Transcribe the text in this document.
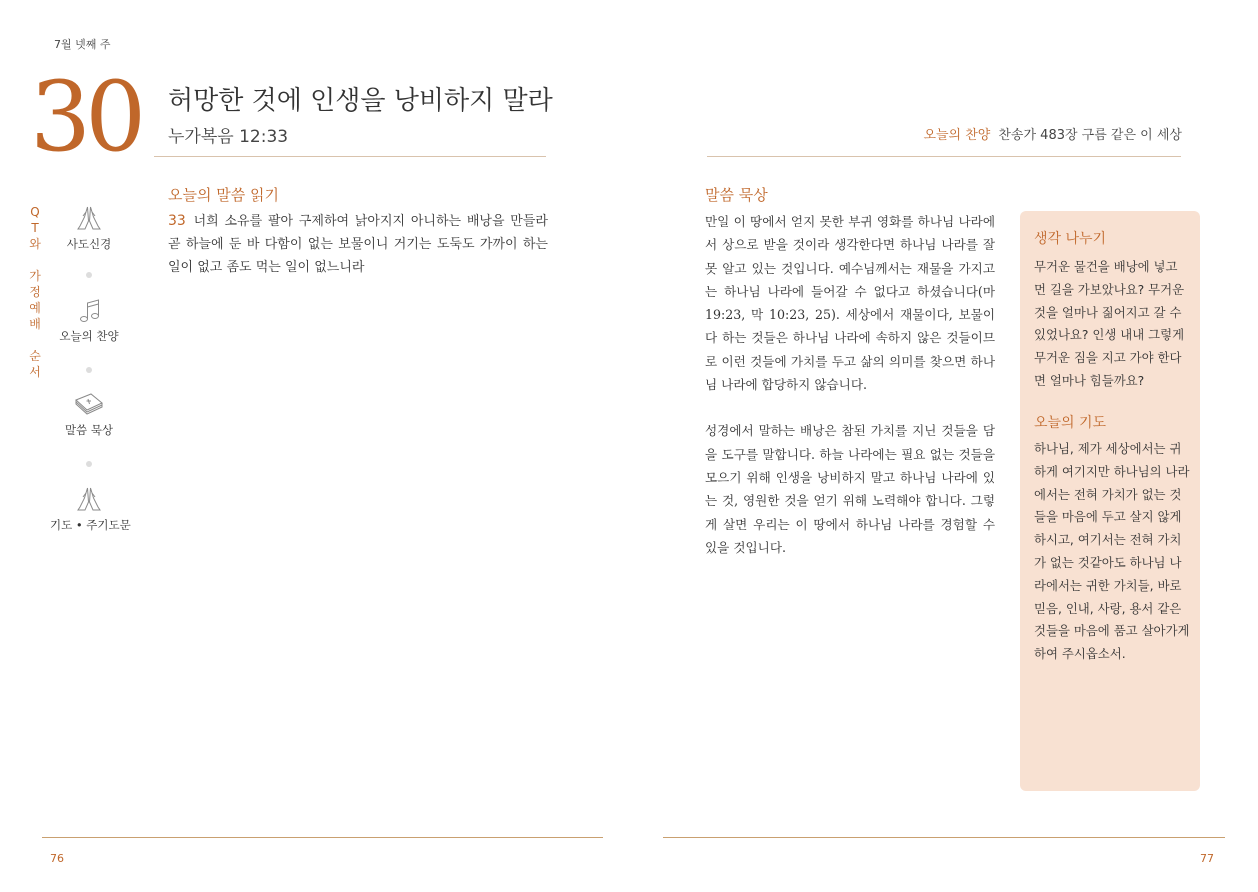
7월 넷째 주
30 허망한 것에 인생을 낭비하지 말라
누가복음 12:33	오늘의 찬양 찬송가 483장 구름 같은 이 세상
Q
T
와
가
정
예
배
순
서
사도신경
오늘의 찬양
말씀 묵상
기도 • 주기도문
오늘의 말씀 읽기
33 너희 소유를 팔아 구제하여 낡아지지 아니하는 배낭을 만들라 곧 하늘에 둔 바 다함이 없는 보물이니 거기는 도둑도 가까이 하는 일이 없고 좀도 먹는 일이 없느니라
말씀 묵상

만일 이 땅에서 얻지 못한 부귀 영화를 하나님 나라에서 상으로 받을 것이라 생각한다면 하나님 나라를 잘못 알고 있는 것입니다. 예수님께서는 재물을 가지고는 하나님 나라에 들어갈 수 없다고 하셨습니다(마 19:23, 막 10:23, 25). 세상에서 재물이다, 보물이다 하는 것들은 하나님 나라에 속하지 않은 것들이므로 이런 것들에 가치를 두고 삶의 의미를 찾으면 하나님 나라에 합당하지 않습니다.

성경에서 말하는 배낭은 참된 가치를 지닌 것들을 담을 도구를 말합니다. 하늘 나라에는 필요 없는 것들을 모으기 위해 인생을 낭비하지 말고 하나님 나라에 있는 것, 영원한 것을 얻기 위해 노력해야 합니다. 그렇게 살면 우리는 이 땅에서 하나님 나라를 경험할 수 있을 것입니다.

생각 나누기
무거운 물건을 배낭에 넣고 먼 길을 가보았나요? 무거운 것을 얼마나 짊어지고 갈 수 있었나요? 인생 내내 그렇게 무거운 짐을 지고 가야 한다면 얼마나 힘들까요?
오늘의 기도
하나님, 제가 세상에서는 귀하게 여기지만 하나님의 나라에서는 전혀 가치가 없는 것들을 마음에 두고 살지 않게 하시고, 여기서는 전혀 가치가 없는 것같아도 하나님 나라에서는 귀한 가치들, 바로 믿음, 인내, 사랑, 용서 같은 것들을 마음에 품고 살아가게 하여 주시옵소서.
76	77
